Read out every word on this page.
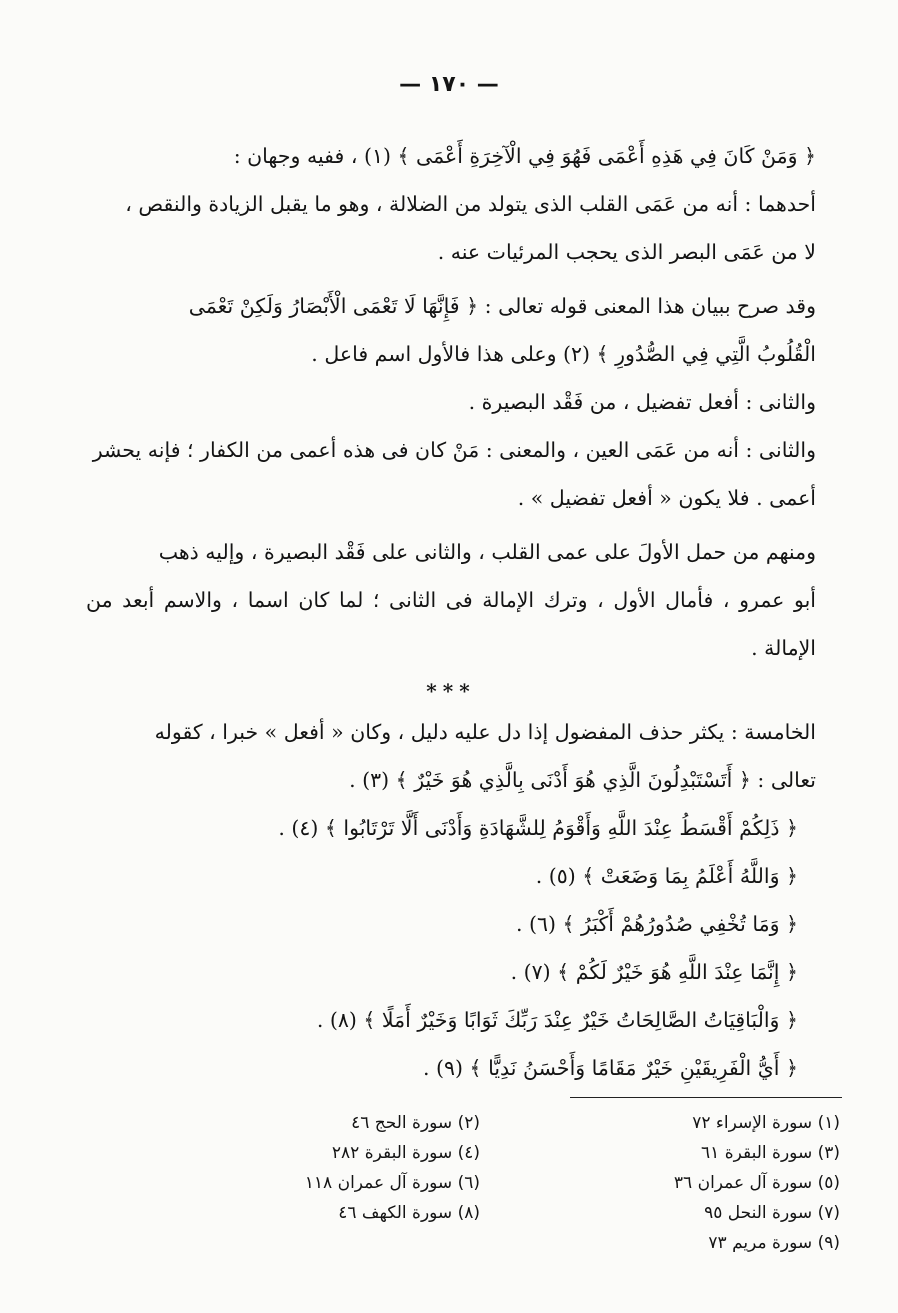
— ١٧٠ —

﴿ وَمَنْ كَانَ فِي هَذِهِ أَعْمَى فَهُوَ فِي الْآخِرَةِ أَعْمَى ﴾ (١) ، ففيه وجهان :

أحدهما : أنه من عَمَى القلب الذى يتولد من الضلالة ، وهو ما يقبل الزيادة والنقص ،

لا من عَمَى البصر الذى يحجب المرئيات عنه .

وقد صرح ببيان هذا المعنى قوله تعالى : ﴿ فَإِنَّهَا لَا تَعْمَى الْأَبْصَارُ وَلَكِنْ تَعْمَى

الْقُلُوبُ الَّتِي فِي الصُّدُورِ ﴾ (٢) وعلى هذا فالأول اسم فاعل .

والثانى : أفعل تفضيل ، من فَقْد البصيرة .

والثانى : أنه من عَمَى العين ، والمعنى : مَنْ كان فى هذه أعمى من الكفار ؛ فإنه يحشر

أعمى . فلا يكون « أفعل تفضيل » .

ومنهم من حمل الأولَ على عمى القلب ، والثانى على فَقْد البصيرة ، وإليه ذهب

أبو عمرو ، فأمال الأول ، وترك الإمالة فى الثانى ؛ لما كان اسما ، والاسم أبعد من الإمالة .

***

الخامسة : يكثر حذف المفضول إذا دل عليه دليل ، وكان « أفعل » خبرا ، كقوله

تعالى : ﴿ أَتَسْتَبْدِلُونَ الَّذِي هُوَ أَدْنَى بِالَّذِي هُوَ خَيْرٌ ﴾ (٣) .

﴿ ذَلِكُمْ أَقْسَطُ عِنْدَ اللَّهِ وَأَقْوَمُ لِلشَّهَادَةِ وَأَدْنَى أَلَّا تَرْتَابُوا ﴾ (٤) .

﴿ وَاللَّهُ أَعْلَمُ بِمَا وَضَعَتْ ﴾ (٥) .

﴿ وَمَا تُخْفِي صُدُورُهُمْ أَكْبَرُ ﴾ (٦) .

﴿ إِنَّمَا عِنْدَ اللَّهِ هُوَ خَيْرٌ لَكُمْ ﴾ (٧) .

﴿ وَالْبَاقِيَاتُ الصَّالِحَاتُ خَيْرٌ عِنْدَ رَبِّكَ ثَوَابًا وَخَيْرٌ أَمَلًا ﴾ (٨) .

﴿ أَيُّ الْفَرِيقَيْنِ خَيْرٌ مَقَامًا وَأَحْسَنُ نَدِيًّا ﴾ (٩) .

(١) سورة الإسراء ٧٢
(٢) سورة الحج ٤٦
(٣) سورة البقرة ٦١
(٤) سورة البقرة ٢٨٢
(٥) سورة آل عمران ٣٦
(٦) سورة آل عمران ١١٨
(٧) سورة النحل ٩٥
(٨) سورة الكهف ٤٦
(٩) سورة مريم ٧٣
